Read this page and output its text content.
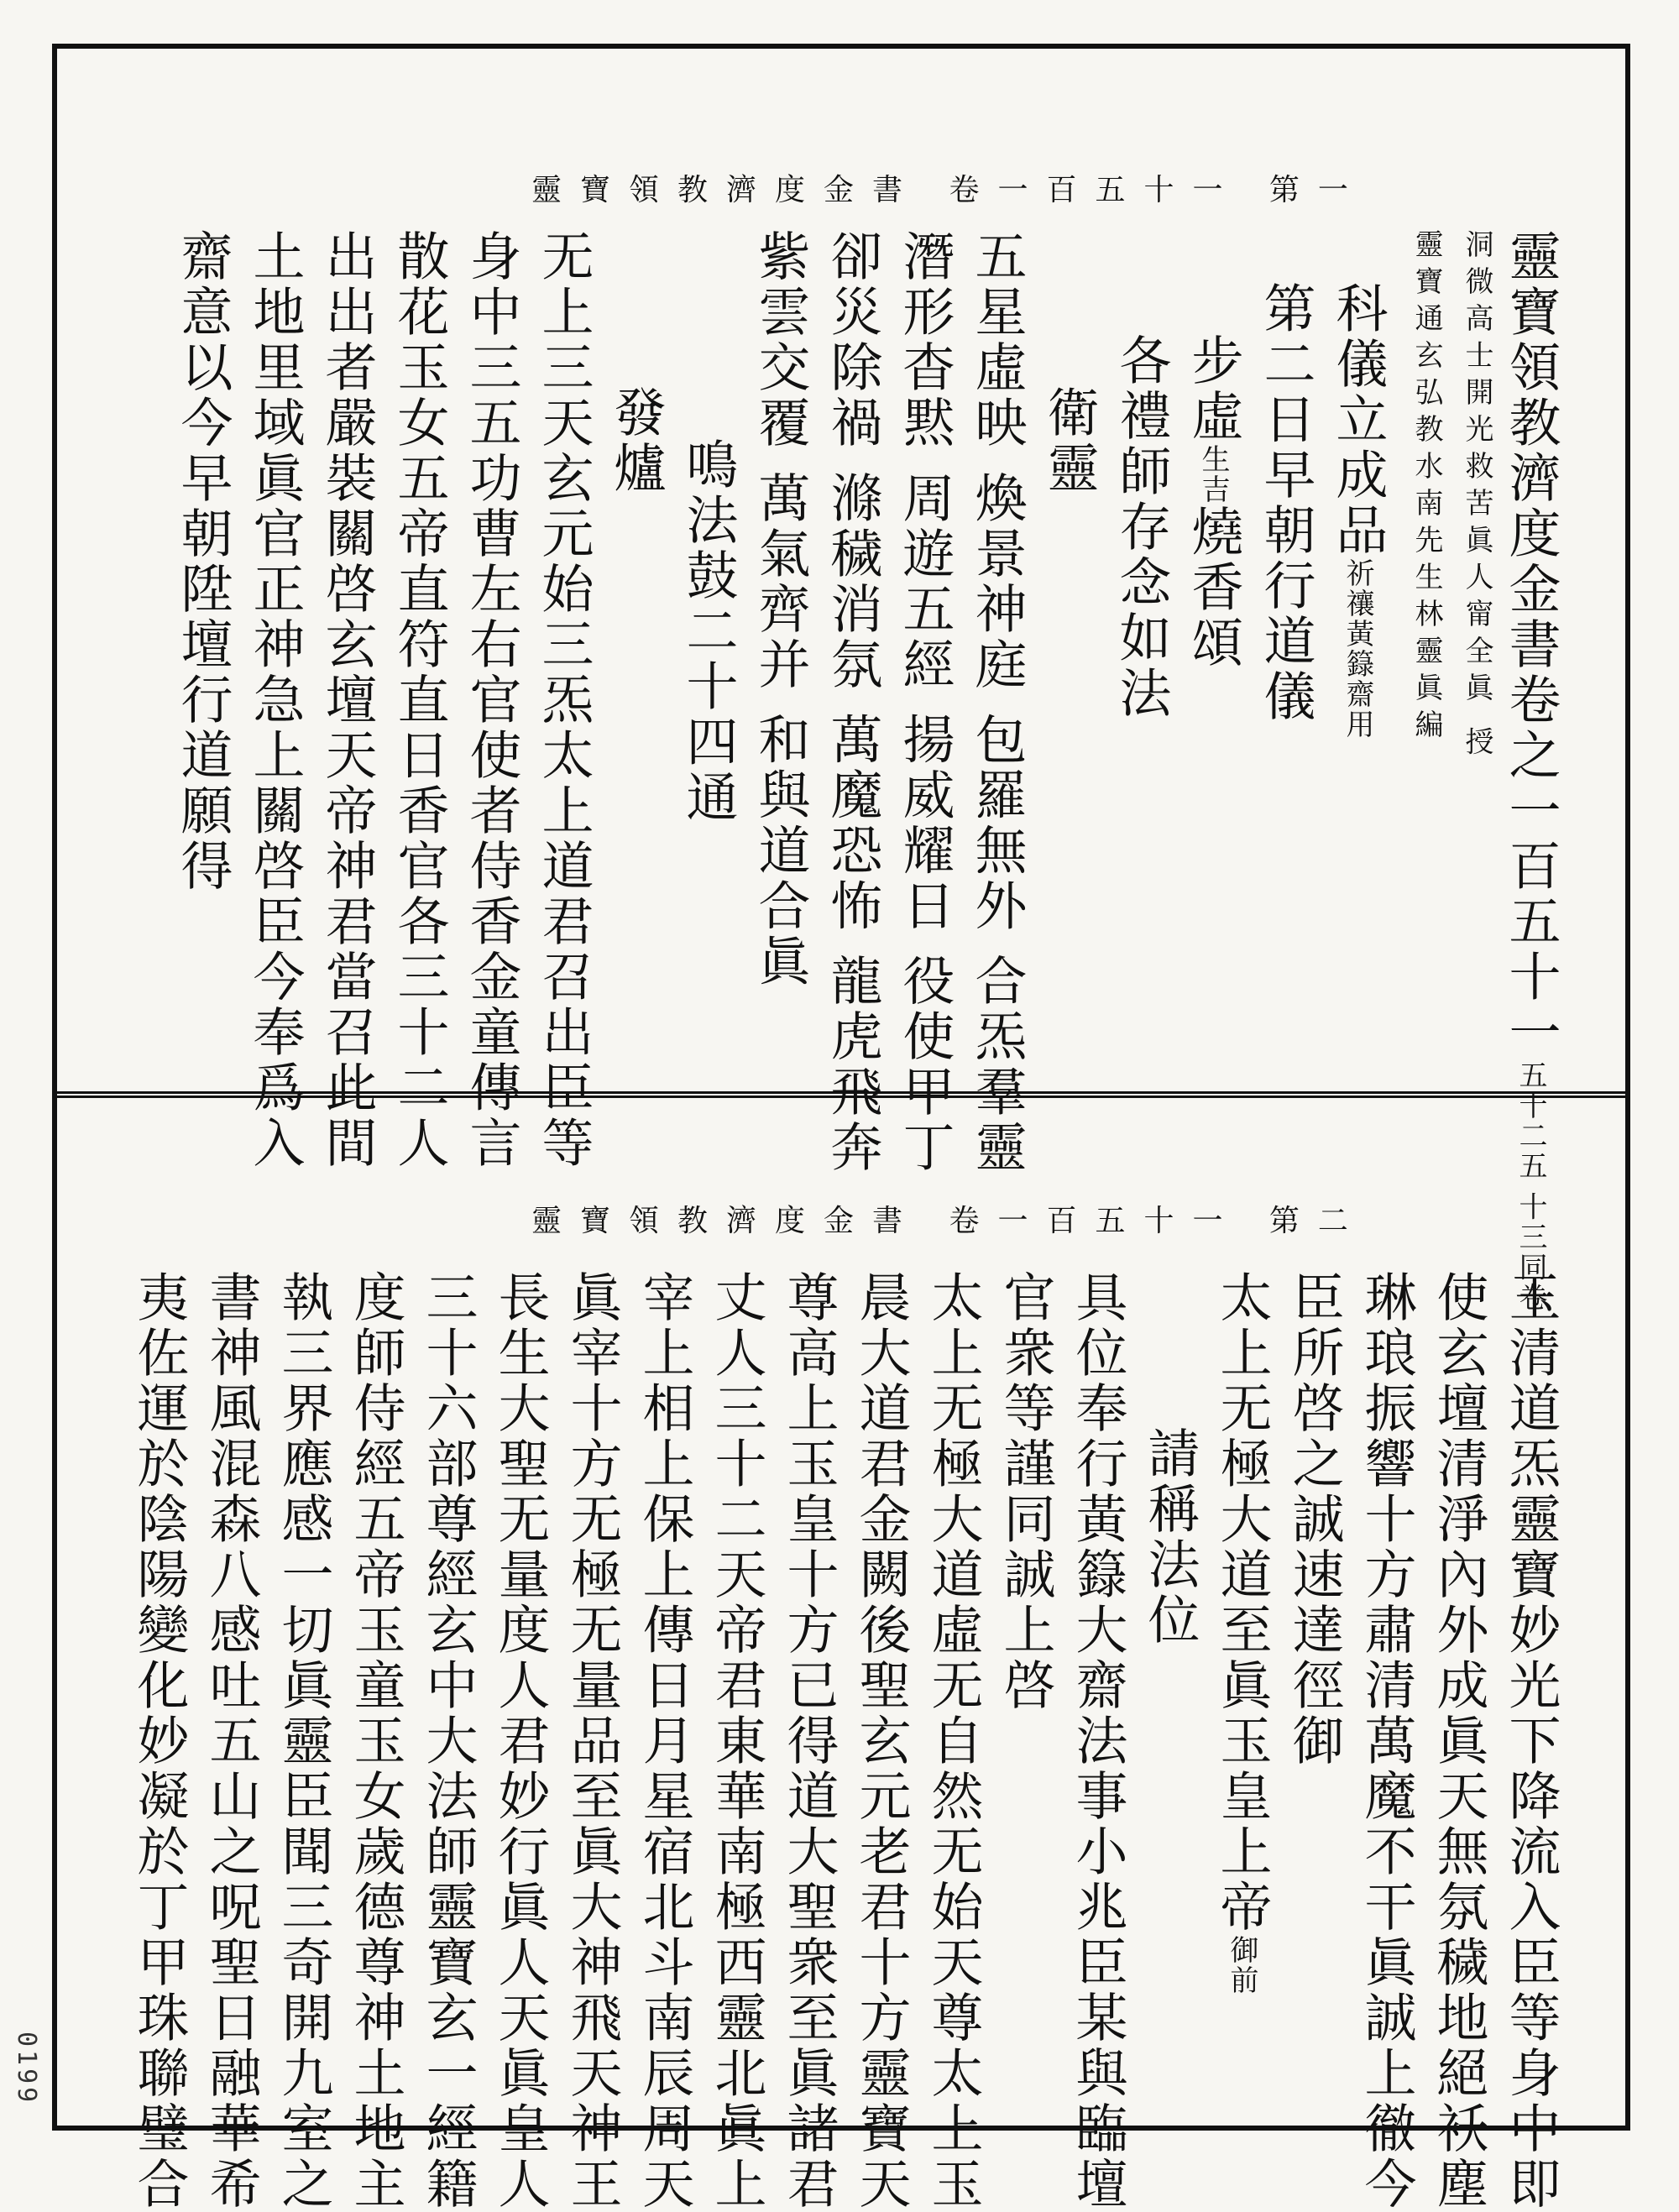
0199
靈寶領教濟度金書 卷一百五十一 第一
靈寶領教濟度金書卷之一百五十一五十二五 十三同卷
洞微高士開光救苦眞人甯全眞 授
靈寶通玄弘教水南先生林靈眞編
科儀立成品祈禳黃籙齋用
第二日早朝行道儀
步虛生吉燒香頌
各禮師存念如法
衛靈
五星虛映 煥景神庭 包羅無外 合炁羣靈
潛形杳黙 周遊五經 揚威耀日 役使甲丁
卻災除禍 滌穢消氛 萬魔恐怖 龍虎飛奔
紫雲交覆 萬氣齊并 和與道合眞
鳴法鼓二十四通
發爐
无上三天玄元始三炁太上道君召出臣等
身中三五功曹左右官使者侍香金童傳言
散花玉女五帝直符直日香官各三十二人
出出者嚴裝關啓玄壇天帝神君當召此間
土地里域眞官正神急上關啓臣今奉爲入
齋意以今早朝陞壇行道願得
靈寶領教濟度金書 卷一百五十一 第二
玉清道炁靈寶妙光下降流入臣等身中即
使玄壇清淨內外成眞天無氛穢地絕袄塵
琳琅振響十方肅清萬魔不干眞誠上徹今
臣所啓之誠速達徑御
太上无極大道至眞玉皇上帝御前
請稱法位
具位奉行黃籙大齋法事小兆臣某與臨壇
官衆等謹同誠上啓
太上无極大道虛无自然无始天尊太上玉
晨大道君金闕後聖玄元老君十方靈寶天
尊高上玉皇十方已得道大聖衆至眞諸君
丈人三十二天帝君東華南極西靈北眞上
宰上相上保上傳日月星宿北斗南辰周天
眞宰十方无極无量品至眞大神飛天神王
長生大聖无量度人君妙行眞人天眞皇人
三十六部尊經玄中大法師靈寶玄一經籍
度師侍經五帝玉童玉女歲德尊神土地主
執三界應感一切眞靈臣聞三奇開九室之
書神風混森八感吐五山之呪聖日融華希
夷佐運於陰陽變化妙凝於丁甲珠聯璧合
